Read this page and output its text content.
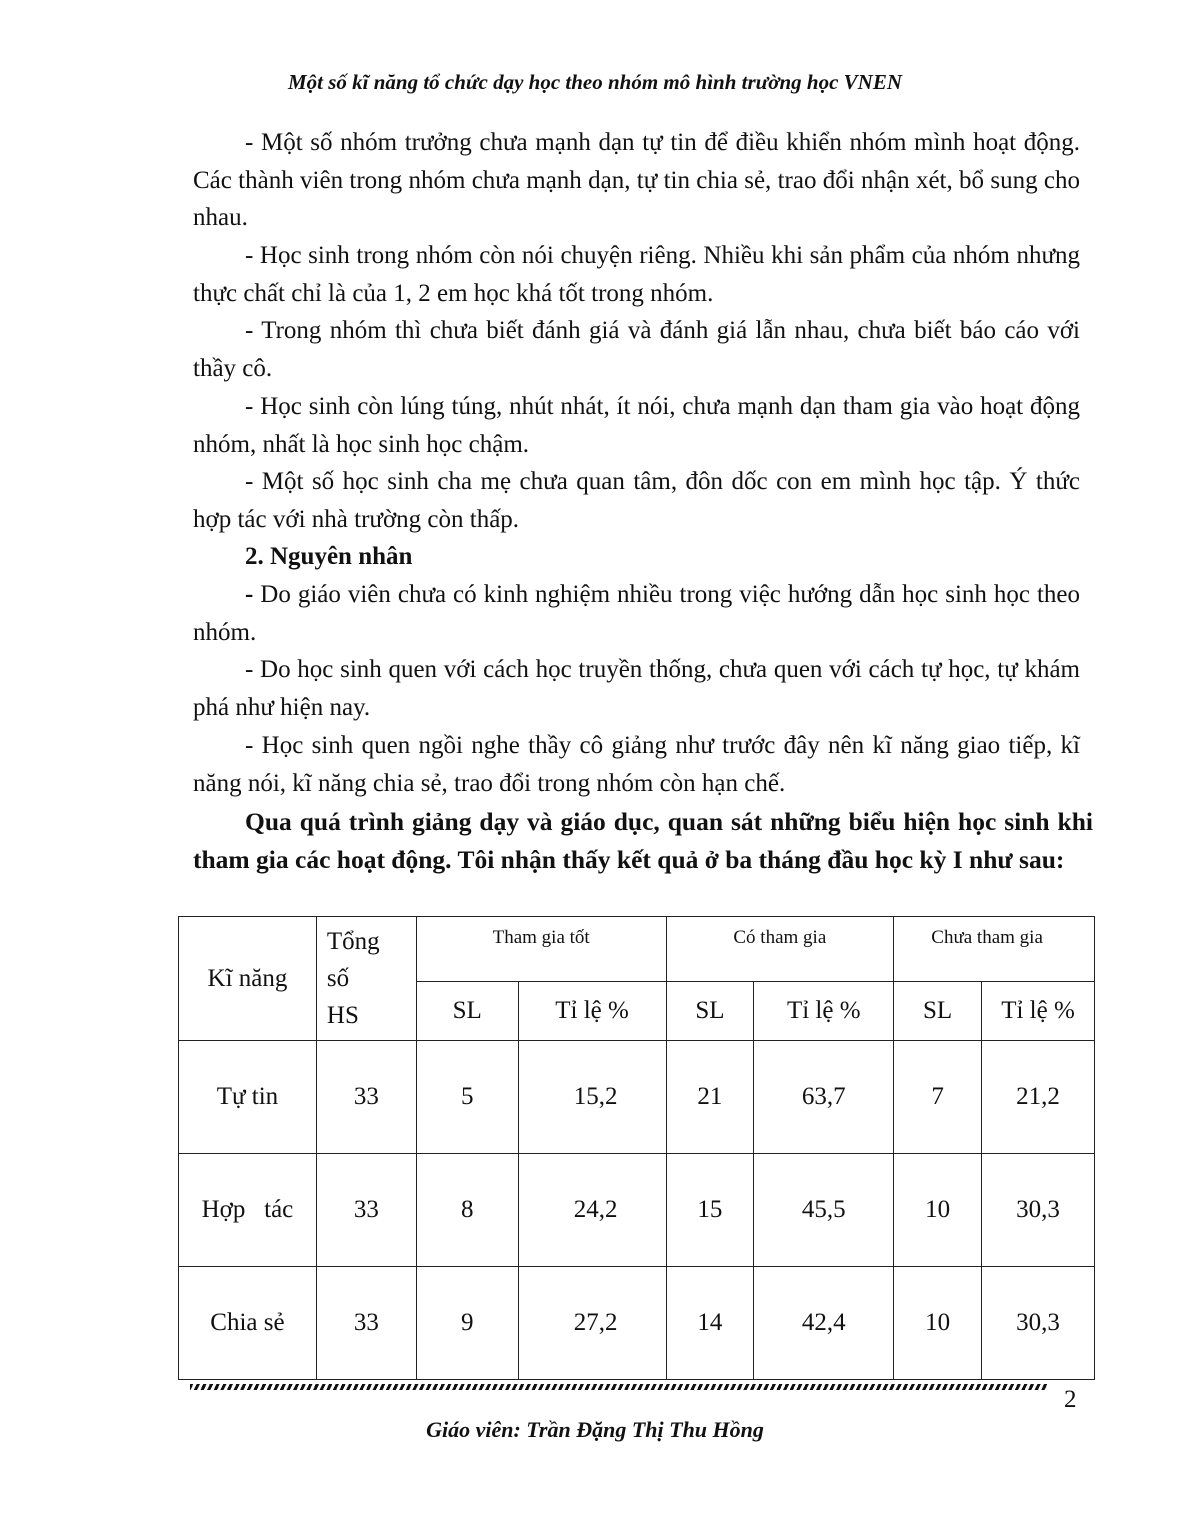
Một số kĩ năng tổ chức dạy học theo nhóm mô hình trường học VNEN

- Một số nhóm trưởng chưa mạnh dạn tự tin để điều khiển nhóm mình hoạt động. Các thành viên trong nhóm chưa mạnh dạn, tự tin chia sẻ, trao đổi nhận xét, bổ sung cho nhau.

- Học sinh trong nhóm còn nói chuyện riêng. Nhiều khi sản phẩm của nhóm nhưng thực chất chỉ là của 1, 2 em học khá tốt trong nhóm.

- Trong nhóm thì chưa biết đánh giá và đánh giá lẫn nhau, chưa biết báo cáo với thầy cô.

- Học sinh còn lúng túng, nhút nhát, ít nói, chưa mạnh dạn tham gia vào hoạt động nhóm, nhất là học sinh học chậm.

- Một số học sinh cha mẹ chưa quan tâm, đôn dốc con em mình học tập. Ý thức hợp tác với nhà trường còn thấp.

2. Nguyên nhân

- Do giáo viên chưa có kinh nghiệm nhiều trong việc hướng dẫn học sinh học theo nhóm.

- Do học sinh quen với cách học truyền thống, chưa quen với cách tự học, tự khám phá như hiện nay.

- Học sinh quen ngồi nghe thầy cô giảng như trước đây nên kĩ năng giao tiếp, kĩ năng nói, kĩ năng chia sẻ, trao đổi trong nhóm còn hạn chế.

Qua quá trình giảng dạy và giáo dục, quan sát những biểu hiện học sinh khi tham gia các hoạt động. Tôi nhận thấy kết quả ở ba tháng đầu học kỳ I như sau:

Kĩ năng	Tổng
số
HS	Tham gia tốt		Có tham gia		Chưa tham gia	
		SL	Tỉ lệ %	SL	Tỉ lệ %	SL	Tỉ lệ %
Tự tin	33	5	15,2	21	63,7	7	21,2
Hợp   tác	33	8	24,2	15	45,5	10	30,3
Chia sẻ	33	9	27,2	14	42,4	10	30,3
2
Giáo viên: Trần Đặng Thị Thu Hồng
